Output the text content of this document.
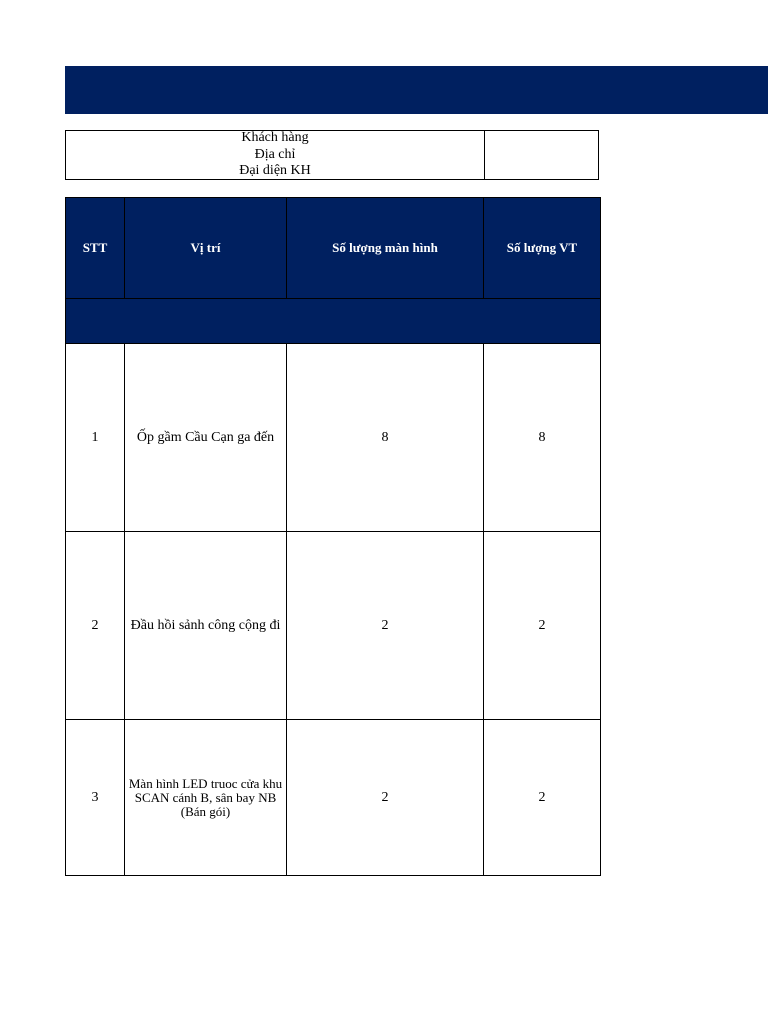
Khách hàng
Địa chỉ
Đại diện KH
STT	Vị trí	Số lượng màn hình	Số lượng VT

1	Ốp gầm Cầu Cạn ga đến	8	8
2	Đầu hồi sảnh công cộng đi	2	2
3	Màn hình LED truoc cửa khu SCAN cánh B, sân bay NB (Bán gói)	2	2
